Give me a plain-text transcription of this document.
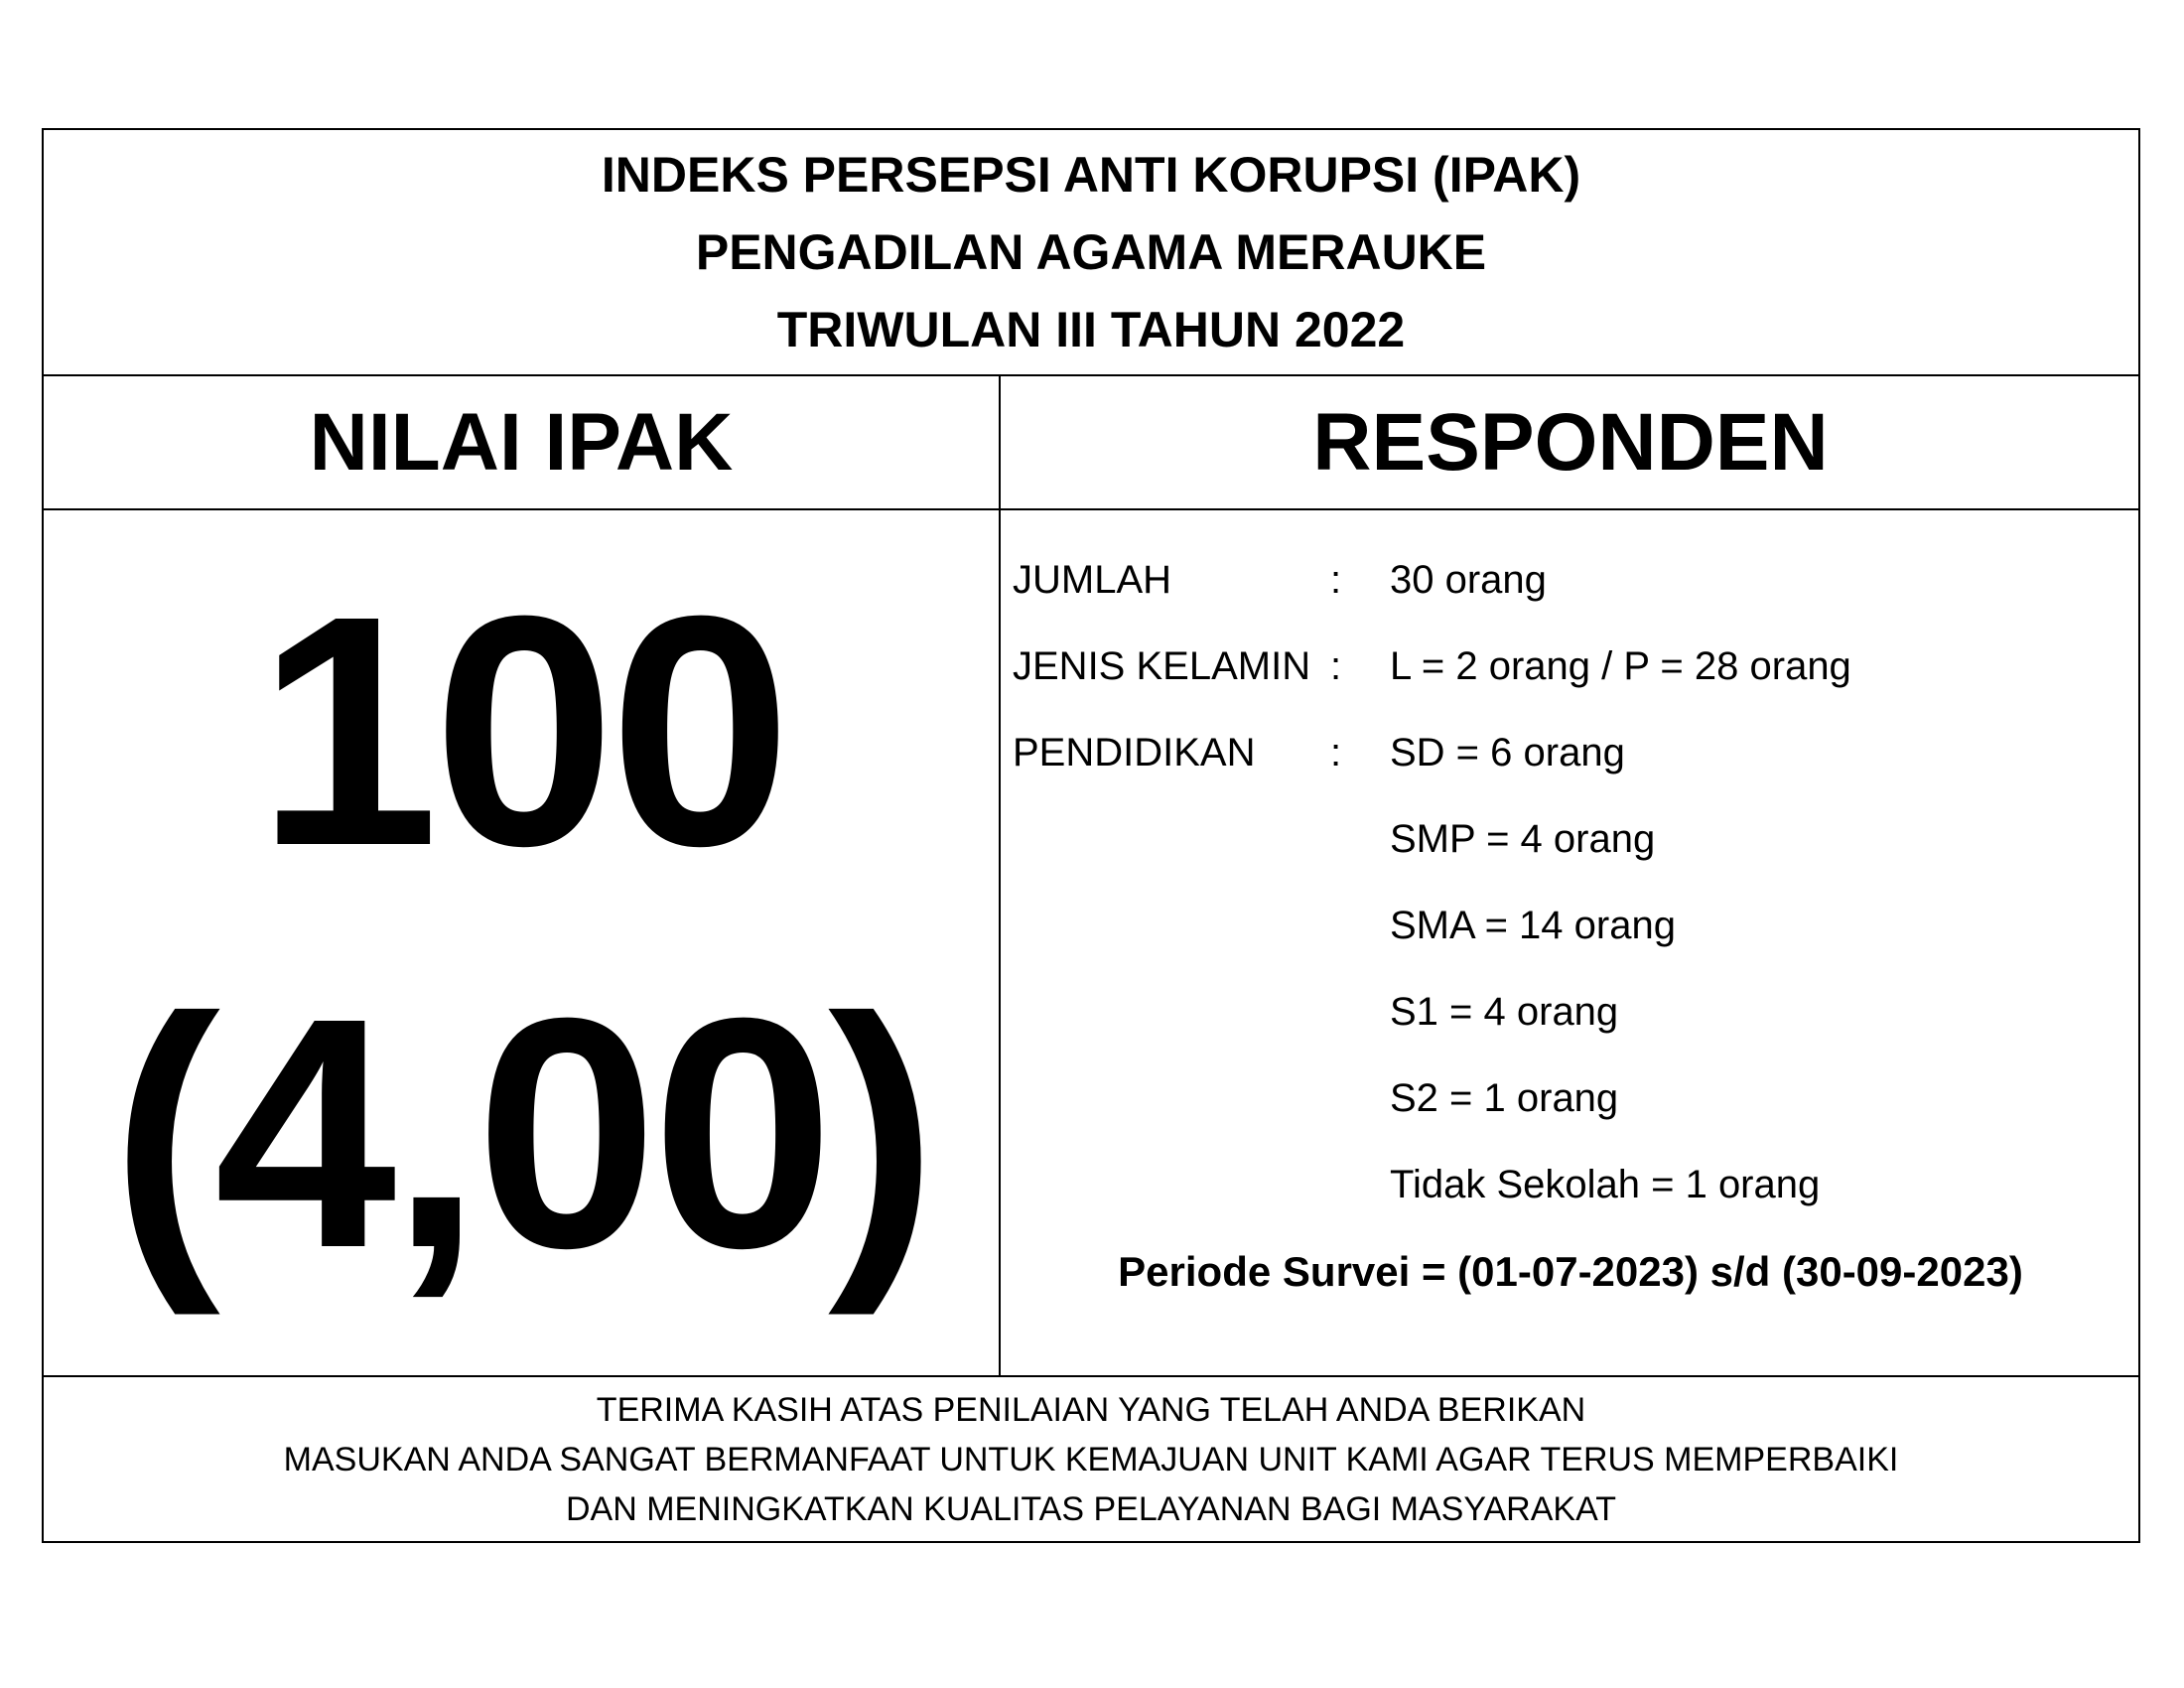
INDEKS PERSEPSI ANTI KORUPSI (IPAK)
PENGADILAN AGAMA MERAUKE
TRIWULAN III TAHUN 2022
NILAI IPAK	RESPONDEN
100
(4,00)
JUMLAH	: 30 orang
JENIS KELAMIN : L = 2 orang / P = 28 orang
PENDIDIKAN : SD = 6 orang
SMP = 4 orang
SMA = 14 orang
S1 = 4 orang
S2 = 1 orang
Tidak Sekolah = 1 orang
Periode Survei = (01-07-2023) s/d (30-09-2023)
TERIMA KASIH ATAS PENILAIAN YANG TELAH ANDA BERIKAN
MASUKAN ANDA SANGAT BERMANFAAT UNTUK KEMAJUAN UNIT KAMI AGAR TERUS MEMPERBAIKI
DAN MENINGKATKAN KUALITAS PELAYANAN BAGI MASYARAKAT
